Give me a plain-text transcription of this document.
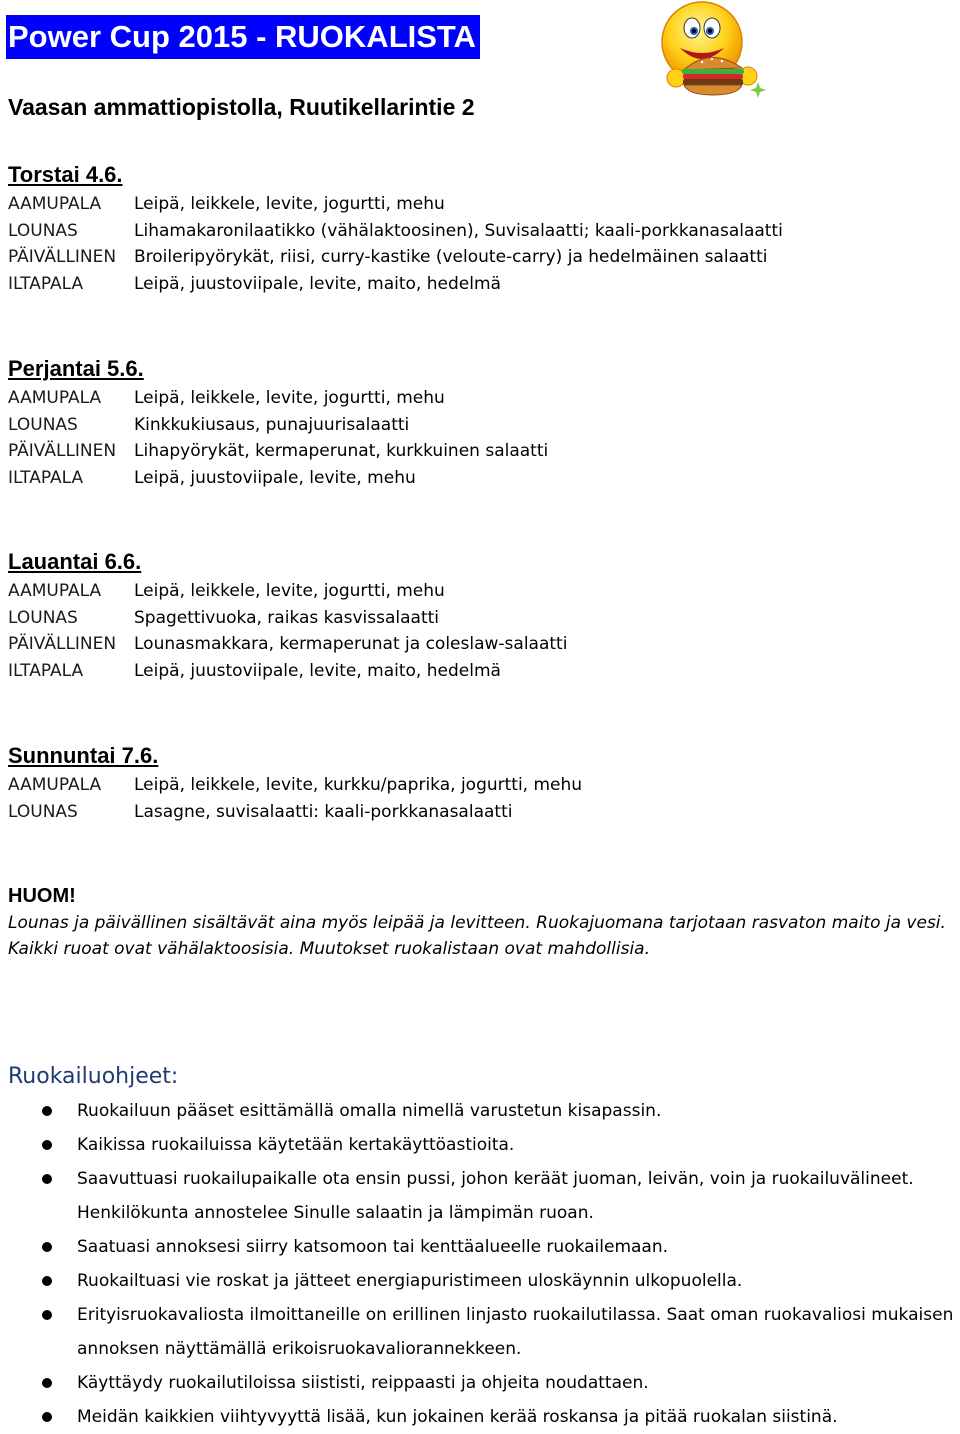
Power Cup 2015 - RUOKALISTA
Vaasan ammattiopistolla, Ruutikellarintie 2
Torstai 4.6.
AAMUPALA Leipä, leikkele, levite, jogurtti, mehu
LOUNAS	Lihamakaronilaatikko (vähälaktoosinen), Suvisalaatti; kaali-porkkanasalaatti
PÄIVÄLLINEN Broileripyörykät, riisi, curry-kastike (veloute-carry) ja hedelmäinen salaatti
ILTAPALA	Leipä, juustoviipale, levite, maito, hedelmä
Perjantai 5.6.
AAMUPALA Leipä, leikkele, levite, jogurtti, mehu
LOUNAS	Kinkkukiusaus, punajuurisalaatti
PÄIVÄLLINEN Lihapyörykät, kermaperunat, kurkkuinen salaatti
ILTAPALA	Leipä, juustoviipale, levite, mehu
Lauantai 6.6.
AAMUPALA Leipä, leikkele, levite, jogurtti, mehu
LOUNAS	Spagettivuoka, raikas kasvissalaatti
PÄIVÄLLINEN Lounasmakkara, kermaperunat ja coleslaw-salaatti
ILTAPALA	Leipä, juustoviipale, levite, maito, hedelmä
Sunnuntai 7.6.
AAMUPALA Leipä, leikkele, levite, kurkku/paprika, jogurtti, mehu
LOUNAS	Lasagne, suvisalaatti: kaali-porkkanasalaatti
HUOM!
Lounas ja päivällinen sisältävät aina myös leipää ja levitteen. Ruokajuomana tarjotaan rasvaton maito ja vesi.
Kaikki ruoat ovat vähälaktoosisia. Muutokset ruokalistaan ovat mahdollisia.
Ruokailuohjeet:
Ruokailuun pääset esittämällä omalla nimellä varustetun kisapassin.
Kaikissa ruokailuissa käytetään kertakäyttöastioita.
Saavuttuasi ruokailupaikalle ota ensin pussi, johon keräät juoman, leivän, voin ja ruokailuvälineet. Henkilökunta annostelee Sinulle salaatin ja lämpimän ruoan.
Saatuasi annoksesi siirry katsomoon tai kenttäalueelle ruokailemaan.
Ruokailtuasi vie roskat ja jätteet energiapuristimeen uloskäynnin ulkopuolella.
Erityisruokavaliosta ilmoittaneille on erillinen linjasto ruokailutilassa. Saat oman ruokavaliosi mukaisen annoksen näyttämällä erikoisruokavaliorannekkeen.
Käyttäydy ruokailutiloissa siististi, reippaasti ja ohjeita noudattaen.
Meidän kaikkien viihtyvyyttä lisää, kun jokainen kerää roskansa ja pitää ruokalan siistinä.
